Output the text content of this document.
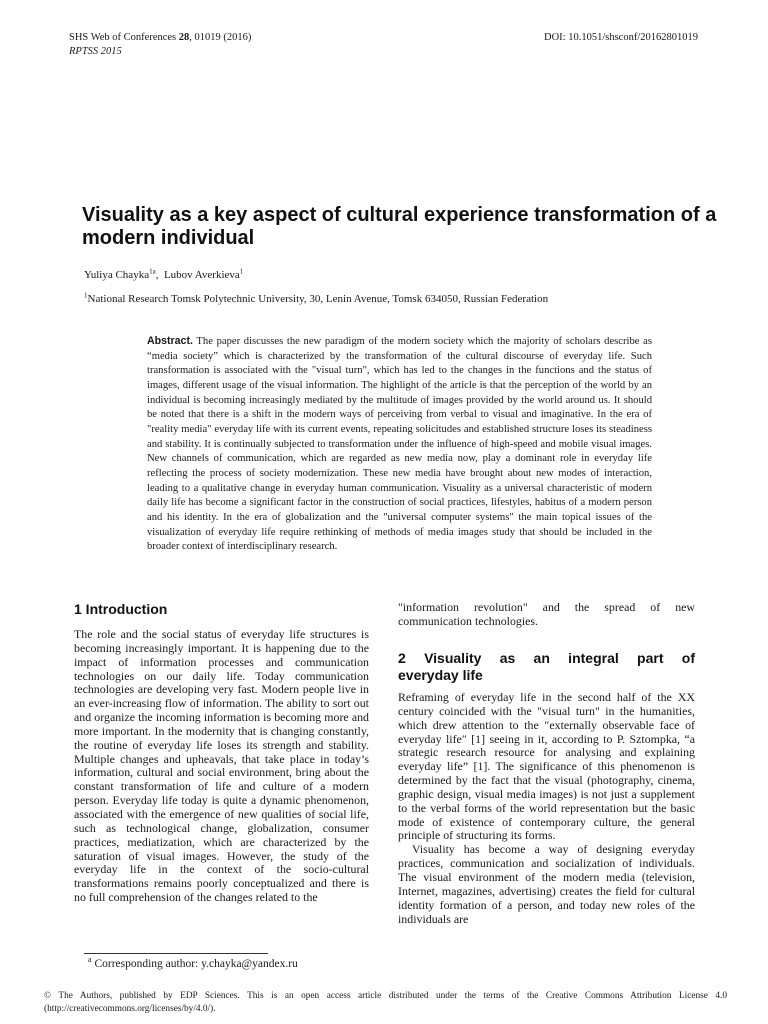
SHS Web of Conferences 28, 01019 (2016)	DOI: 10.1051/shsconf/20162801019
RPTSS 2015
Visuality as a key aspect of cultural experience transformation of a modern individual
Yuliya Chayka$^{1a}$,  Lubov Averkieva$^1$
$^1$National Research Tomsk Polytechnic University, 30, Lenin Avenue, Tomsk 634050, Russian Federation
Abstract. The paper discusses the new paradigm of the modern society which the majority of scholars describe as “media society” which is characterized by the transformation of the cultural discourse of everyday life. Such transformation is associated with the "visual turn", which has led to the changes in the functions and the status of images, different usage of the visual information. The highlight of the article is that the perception of the world by an individual is becoming increasingly mediated by the multitude of images provided by the world around us. It should be noted that there is a shift in the modern ways of perceiving from verbal to visual and imaginative. In the era of "reality media" everyday life with its current events, repeating solicitudes and established structure loses its steadiness and stability. It is continually subjected to transformation under the influence of high-speed and mobile visual images. New channels of communication, which are regarded as new media now, play a dominant role in everyday life reflecting the process of society modernization. These new media have brought about new modes of interaction, leading to a qualitative change in everyday human communication. Visuality as a universal characteristic of modern daily life has become a significant factor in the construction of social practices, lifestyles, habitus of a modern person and his identity. In the era of globalization and the "universal computer systems" the main topical issues of the visualization of everyday life require rethinking of methods of media images study that should be included in the broader context of interdisciplinary research.
1 Introduction

The role and the social status of everyday life structures is becoming increasingly important. It is happening due to the impact of information processes and communication technologies on our daily life. Today communication technologies are developing very fast. Modern people live in an ever-increasing flow of information. The ability to sort out and organize the incoming information is becoming more and more important. In the modernity that is changing constantly, the routine of everyday life loses its strength and stability. Multiple changes and upheavals, that take place in today’s information, cultural and social environment, bring about the constant transformation of life and culture of a modern person. Everyday life today is quite a dynamic phenomenon, associated with the emergence of new qualities of social life, such as technological change, globalization, consumer practices, mediatization, which are characterized by the saturation of visual images. However, the study of the everyday life in the context of the socio-cultural transformations remains poorly conceptualized and there is no full comprehension of the changes related to the

"information revolution" and the spread of new communication technologies.

2 Visuality as an integral part of
everyday life

Reframing of everyday life in the second half of the XX century coincided with the "visual turn" in the humanities, which drew attention to the ″externally observable face of everyday life″ [1] seeing in it, according to P. Sztompka, “a strategic research resource for analysing and explaining everyday life” [1]. The significance of this phenomenon is determined by the fact that the visual (photography, cinema, graphic design, visual media images) is not just a supplement to the verbal forms of the world representation but the basic mode of existence of contemporary culture, the general principle of structuring its forms.

Visuality has become a way of designing everyday practices, communication and socialization of individuals. The visual environment of the modern media (television, Internet, magazines, advertising) creates the field for cultural identity formation of a person, and today new roles of the individuals are

$^a$ Corresponding author: y.chayka@yandex.ru
© The Authors, published by EDP Sciences. This is an open access article distributed under the terms of the Creative Commons Attribution License 4.0 (http://creativecommons.org/licenses/by/4.0/).
